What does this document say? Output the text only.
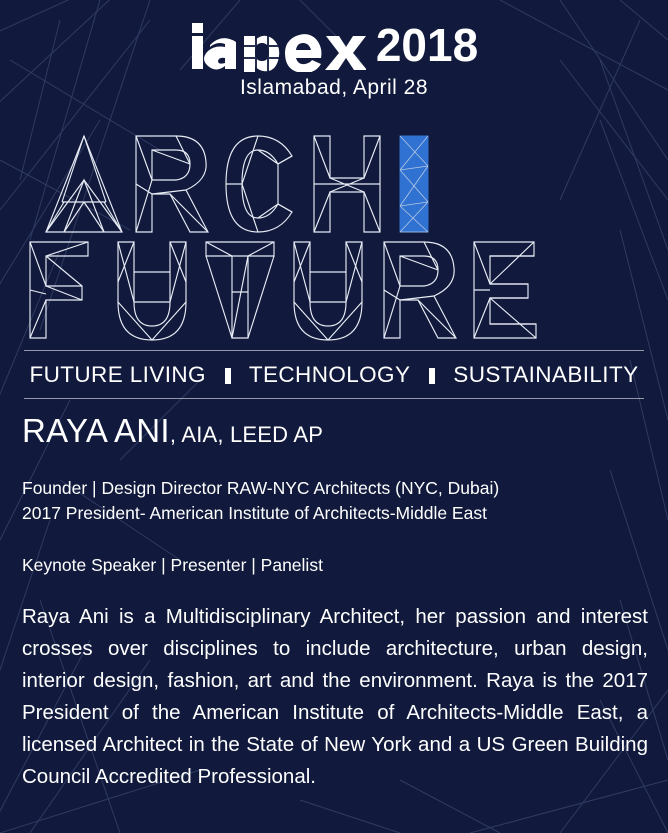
2018
Islamabad, April 28
FUTURE LIVING TECHNOLOGY SUSTAINABILITY
RAYA ANI, AIA, LEED AP
Founder | Design Director RAW-NYC Architects (NYC, Dubai)
2017 President- American Institute of Architects-Middle East
Keynote Speaker | Presenter | Panelist
Raya Ani is a Multidisciplinary Architect, her passion and interest crosses over disciplines to include architecture, urban design, interior design, fashion, art and the environment. Raya is the 2017 President of the American Institute of Architects-Middle East, a licensed Architect in the State of New York and a US Green Building Council Accredited Professional.
